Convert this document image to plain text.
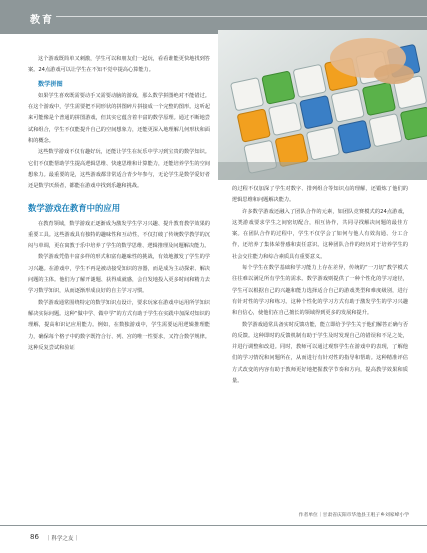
教育

这个游戏既简单又刺激，学生可以和朋友们一起玩，看看谁能更快地找到答案。24点游戏可以让学生在不知不觉中提高心算能力。

数学拼图

如果学生喜欢既需要动手又需要动脑的游戏，那么数学拼图绝对不能错过。在这个游戏中，学生需要把不同形状的拼图碎片拼接成一个完整的图形。这听起来可能像是个普通的拼图游戏，但其实它蕴含着丰富的数学原理。通过不断地尝试和组合，学生不仅能提升自己的空间想象力，还能更深入地理解几何形状和面积的概念。

这些数学游戏不仅有趣好玩，还能让学生在玩乐中学习到宝贵的数学知识。它们不仅能帮助学生提高逻辑思维、快速思维和计算能力，还能培养学生的空间想象力。最重要的是，这些游戏都非常适合青少年参与，无论学生是数学爱好者还是数学厌烦者，都能在游戏中找到乐趣和挑战。

数学游戏在教育中的应用

在教育领域，数学游戏正逐渐成为激发学生学习兴趣、提升教育教学效果的重要工具。这些游戏具有独特的趣味性和互动性，不仅打破了传统数学教学的沉闷与单调，更在寓教于乐中培养了学生的数学思维、逻辑推理及问题解决能力。

数学游戏凭借丰富多样的形式和富有趣味性的挑战，有效地激发了学生的学习兴趣。在游戏中，学生不再是被动接受知识的容器，而是成为主动探索、解决问题的主体。他们为了解开谜题、获得成就感，会自发地投入更多时间和精力去学习数学知识，从而逐渐形成良好的自主学习习惯。

数学游戏通常围绕特定的数学知识点设计，要求玩家在游戏中运用所学知识解决实际问题。这种“做中学、做中学”的方式有助于学生在实践中加深对知识的理解，提高和识记应用能力。例如，在数独游戏中，学生需要运用逻辑推理能力，确保每个格子中的数字既符合行、列、宫的唯一性要求，又符合数学规律。这种反复尝试和验证

的过程不仅加深了学生对数字、排列组合等知识点的理解，还锻炼了他们的逻辑思维和问题解决能力。

许多数学游戏还融入了团队合作的元素，如团队竞赛模式的24点游戏，这类游戏要求学生之间密切配合，相互协作，共同寻找解决问题的最佳方案。在团队合作的过程中，学生不仅学会了如何与他人有效沟通、分工合作，还培养了集体荣誉感和责任意识。这种团队合作的经历对于培养学生的社会交往能力和综合素质具有重要意义。

每个学生在数学基础和学习能力上存在差异，传统的“一刀切”教学模式往往难以满足所有学生的需求。数学游戏则提供了一种个性化的学习途径，学生可以根据自己的兴趣和能力选择适合自己的游戏类型和难度级别，进行有针对性的学习和练习。这种个性化的学习方式有助于激发学生的学习兴趣和自信心，使他们在自己擅长的领域得到更多的发展和提升。

数学游戏通常具备实时反馈功能，能立即给予学生关于他们解答正确与否的反馈。这种即时的反馈机制有助于学生及时发现自己的错误和不足之处，并进行调整和改进。同时，教师可以通过观察学生在游戏中的表现，了解他们的学习情况和问题所在，从而进行有针对性的指导和帮助。这种精准评估方式改变的内容有助于教师更好地把握教学节奏和方向，提高教学效果和质量。

作者单位｜甘肃省庆阳市华池县王咀子乡刘家峰小学
86 ｜科学之友｜
